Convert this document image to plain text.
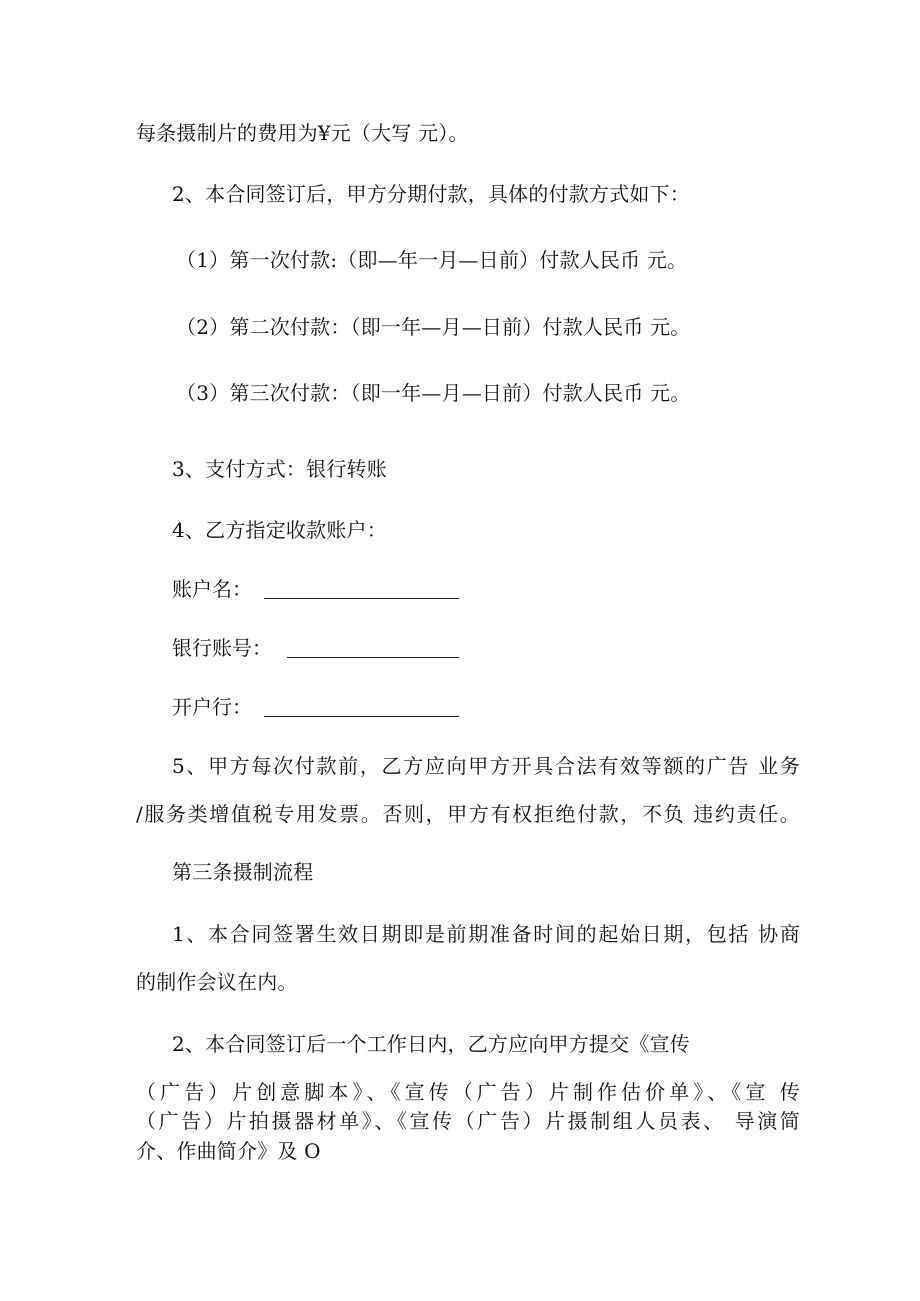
每条摄制片的费用为¥元（大写 元）。
2、本合同签订后，甲方分期付款，具体的付款方式如下：
（1）第一次付款:（即—年一月—日前）付款人民币 元。
（2）第二次付款：（即一年—月—日前）付款人民币 元。
（3）第三次付款：（即一年—月—日前）付款人民币 元。
3、支付方式：银行转账
4、乙方指定收款账户：
账户名：
银行账号：
开户行：
5、甲方每次付款前，乙方应向甲方开具合法有效等额的广告 业务
/服务类增值税专用发票。否则，甲方有权拒绝付款，不负 违约责任。
第三条摄制流程
1、本合同签署生效日期即是前期准备时间的起始日期，包括 协商
的制作会议在内。
2、本合同签订后一个工作日内，乙方应向甲方提交《宣传
（广告）片创意脚本》、《宣传（广告）片制作估价单》、《宣 传
（广告）片拍摄器材单》、《宣传（广告）片摄制组人员表、 导演简
介、作曲简介》及 O
